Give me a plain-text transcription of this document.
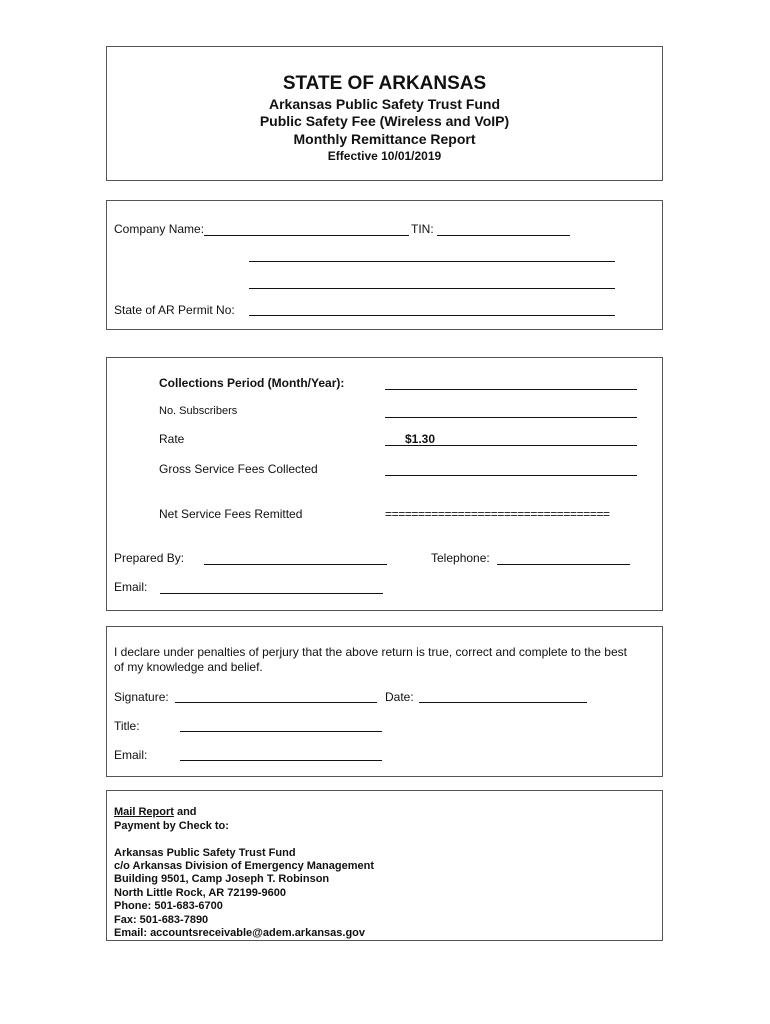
STATE OF ARKANSAS
Arkansas Public Safety Trust Fund
Public Safety Fee (Wireless and VoIP)
Monthly Remittance Report
Effective 10/01/2019
Company Name:	TIN:
State of AR Permit No:
Collections Period (Month/Year):
No. Subscribers
Rate	$1.30
Gross Service Fees Collected
Net Service Fees Remitted	==================================
Prepared By:	Telephone:
Email:
I declare under penalties of perjury that the above return is true, correct and complete to the best
of my knowledge and belief.
Signature:	Date:
Title:
Email:
Mail Report and
Payment by Check to:
Arkansas Public Safety Trust Fund
c/o Arkansas Division of Emergency Management
Building 9501, Camp Joseph T. Robinson
North Little Rock, AR 72199-9600
Phone: 501-683-6700
Fax: 501-683-7890
Email: accountsreceivable@adem.arkansas.gov
